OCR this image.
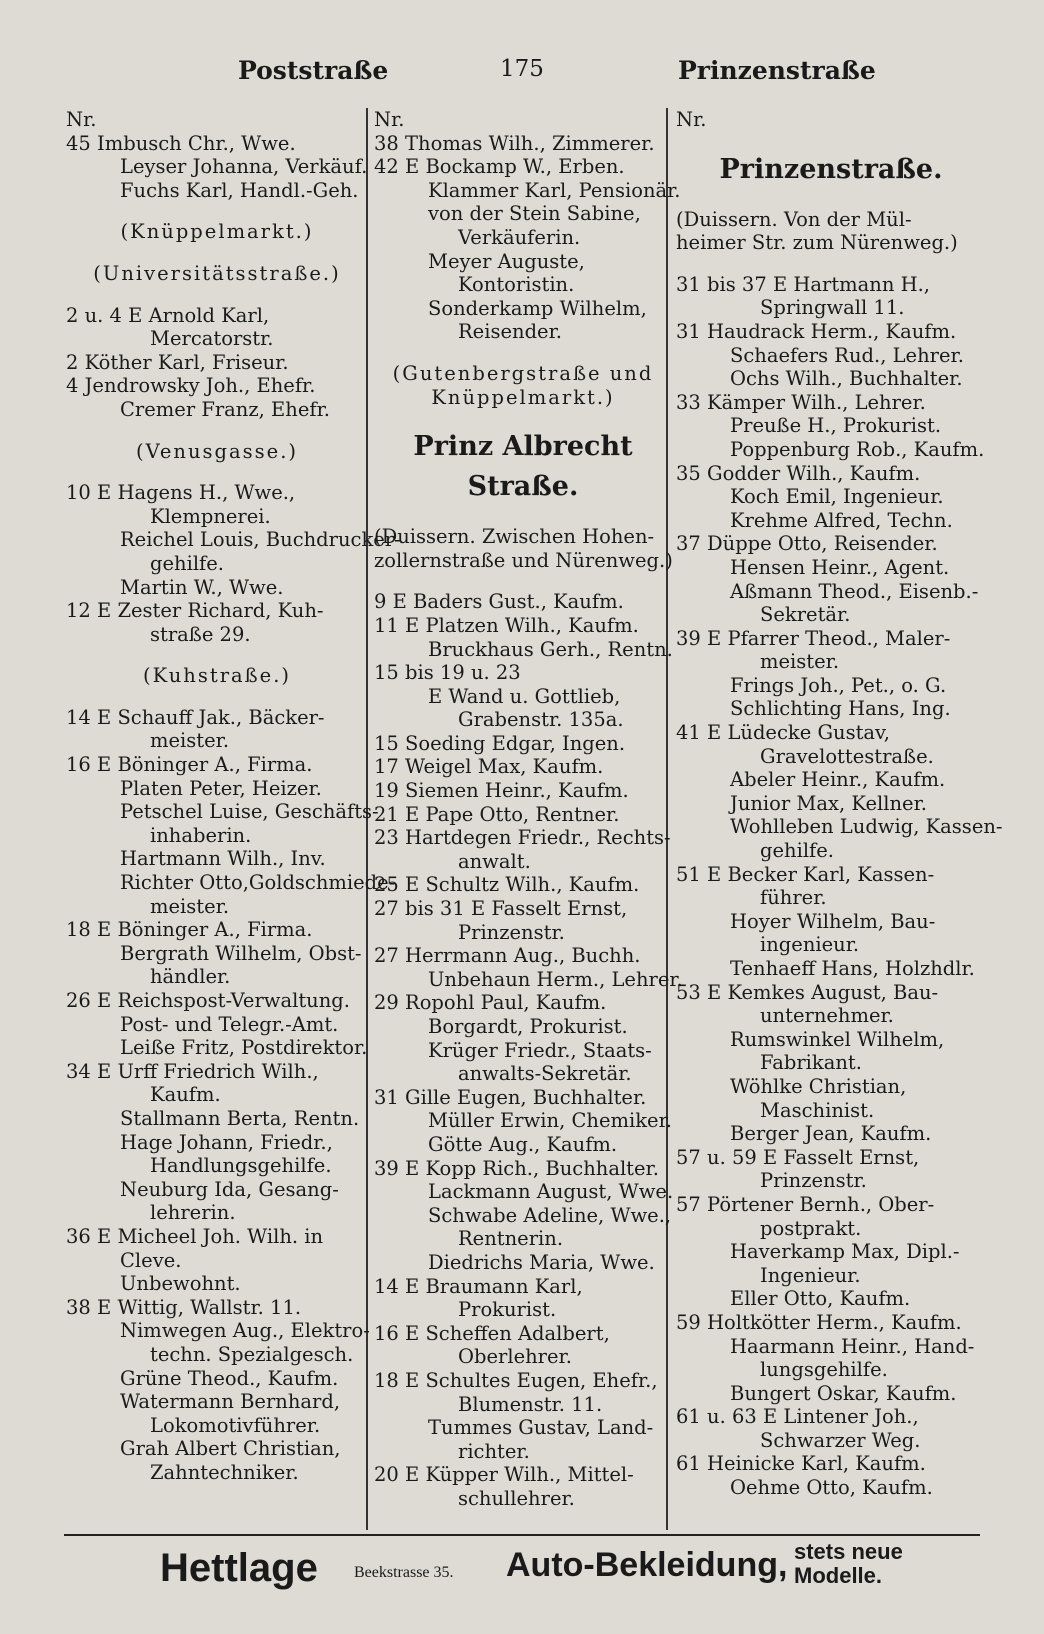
Poststraße	175	Prinzenstraße
Nr.
45 Imbusch Chr., Wwe.
Leyser Johanna, Verkäuf.
Fuchs Karl, Handl.-Geh.
(Knüppelmarkt.)
(Universitätsstraße.)
2 u. 4 E Arnold Karl,
Mercatorstr.
2 Köther Karl, Friseur.
4 Jendrowsky Joh., Ehefr.
Cremer Franz, Ehefr.
(Venusgasse.)
10 E Hagens H., Wwe.,
Klempnerei.
Reichel Louis, Buchdrucker-
gehilfe.
Martin W., Wwe.
12 E Zester Richard, Kuh-
straße 29.
(Kuhstraße.)
14 E Schauff Jak., Bäcker-
meister.
16 E Böninger A., Firma.
Platen Peter, Heizer.
Petschel Luise, Geschäfts-
inhaberin.
Hartmann Wilh., Inv.
Richter Otto,Goldschmiede-
meister.
18 E Böninger A., Firma.
Bergrath Wilhelm, Obst-
händler.
26 E Reichspost-Verwaltung.
Post- und Telegr.-Amt.
Leiße Fritz, Postdirektor.
34 E Urff Friedrich Wilh.,
Kaufm.
Stallmann Berta, Rentn.
Hage Johann, Friedr.,
Handlungsgehilfe.
Neuburg Ida, Gesang-
lehrerin.
36 E Micheel Joh. Wilh. in
Cleve.
Unbewohnt.
38 E Wittig, Wallstr. 11.
Nimwegen Aug., Elektro-
techn. Spezialgesch.
Grüne Theod., Kaufm.
Watermann Bernhard,
Lokomotivführer.
Grah Albert Christian,
Zahntechniker.
Nr.
38 Thomas Wilh., Zimmerer.
42 E Bockamp W., Erben.
Klammer Karl, Pensionär.
von der Stein Sabine,
Verkäuferin.
Meyer Auguste,
Kontoristin.
Sonderkamp Wilhelm,
Reisender.
(Gutenbergstraße und
Knüppelmarkt.)
Prinz Albrecht Straße.
(Duissern. Zwischen Hohen-
zollernstraße und Nürenweg.)
9 E Baders Gust., Kaufm.
11 E Platzen Wilh., Kaufm.
Bruckhaus Gerh., Rentn.
15 bis 19 u. 23
E Wand u. Gottlieb,
Grabenstr. 135a.
15 Soeding Edgar, Ingen.
17 Weigel Max, Kaufm.
19 Siemen Heinr., Kaufm.
21 E Pape Otto, Rentner.
23 Hartdegen Friedr., Rechts-
anwalt.
25 E Schultz Wilh., Kaufm.
27 bis 31 E Fasselt Ernst,
Prinzenstr.
27 Herrmann Aug., Buchh.
Unbehaun Herm., Lehrer.
29 Ropohl Paul, Kaufm.
Borgardt, Prokurist.
Krüger Friedr., Staats-
anwalts-Sekretär.
31 Gille Eugen, Buchhalter.
Müller Erwin, Chemiker.
Götte Aug., Kaufm.
39 E Kopp Rich., Buchhalter.
Lackmann August, Wwe.
Schwabe Adeline, Wwe.,
Rentnerin.
Diedrichs Maria, Wwe.
14 E Braumann Karl,
Prokurist.
16 E Scheffen Adalbert,
Oberlehrer.
18 E Schultes Eugen, Ehefr.,
Blumenstr. 11.
Tummes Gustav, Land-
richter.
20 E Küpper Wilh., Mittel-
schullehrer.
Nr.
Prinzenstraße.
(Duissern. Von der Mül-
heimer Str. zum Nürenweg.)
31 bis 37 E Hartmann H.,
Springwall 11.
31 Haudrack Herm., Kaufm.
Schaefers Rud., Lehrer.
Ochs Wilh., Buchhalter.
33 Kämper Wilh., Lehrer.
Preuße H., Prokurist.
Poppenburg Rob., Kaufm.
35 Godder Wilh., Kaufm.
Koch Emil, Ingenieur.
Krehme Alfred, Techn.
37 Düppe Otto, Reisender.
Hensen Heinr., Agent.
Aßmann Theod., Eisenb.-
Sekretär.
39 E Pfarrer Theod., Maler-
meister.
Frings Joh., Pet., o. G.
Schlichting Hans, Ing.
41 E Lüdecke Gustav,
Gravelottestraße.
Abeler Heinr., Kaufm.
Junior Max, Kellner.
Wohlleben Ludwig, Kassen-
gehilfe.
51 E Becker Karl, Kassen-
führer.
Hoyer Wilhelm, Bau-
ingenieur.
Tenhaeff Hans, Holzhdlr.
53 E Kemkes August, Bau-
unternehmer.
Rumswinkel Wilhelm,
Fabrikant.
Wöhlke Christian,
Maschinist.
Berger Jean, Kaufm.
57 u. 59 E Fasselt Ernst,
Prinzenstr.
57 Pörtener Bernh., Ober-
postprakt.
Haverkamp Max, Dipl.-
Ingenieur.
Eller Otto, Kaufm.
59 Holtkötter Herm., Kaufm.
Haarmann Heinr., Hand-
lungsgehilfe.
Bungert Oskar, Kaufm.
61 u. 63 E Lintener Joh.,
Schwarzer Weg.
61 Heinicke Karl, Kaufm.
Oehme Otto, Kaufm.
Hettlage Beekstrasse 35. Auto-Bekleidung, stets neue
Modelle.
